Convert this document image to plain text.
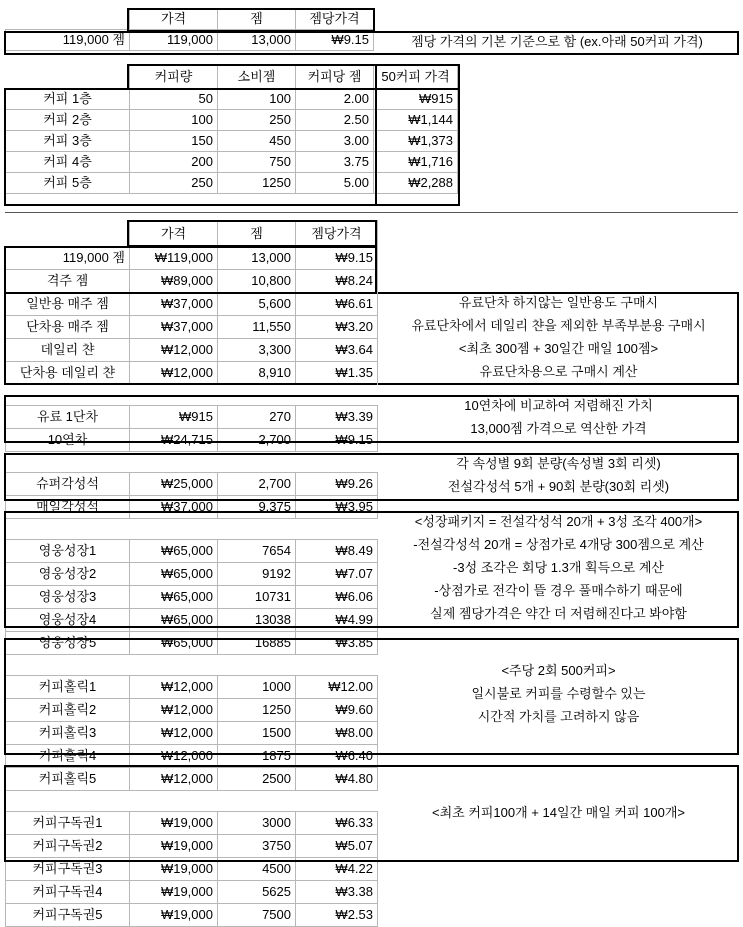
	가격	젬	젬당가격
119,000 젬	119,000	13,000	₩9.15	젬당 가격의 기본 기준으로 함 (ex.아래 50커피 가격)
	커피량	소비젬	커피당 젬	50커피 가격
커피 1층	50	100	2.00	₩915
커피 2층	100	250	2.50	₩1,144
커피 3층	150	450	3.00	₩1,373
커피 4층	200	750	3.75	₩1,716
커피 5층	250	1250	5.00	₩2,288
	가격	젬	젬당가격
119,000 젬	₩119,000	13,000	₩9.15
격주 젬	₩89,000	10,800	₩8.24
일반용 매주 젬	₩37,000	5,600	₩6.61
단차용 매주 젬	₩37,000	11,550	₩3.20
데일리 챤	₩12,000	3,300	₩3.64
단차용 데일리 챤	₩12,000	8,910	₩1.35

유료 1단차	₩915	270	₩3.39
10연차	₩24,715	2,700	₩9.15

슈퍼각성석	₩25,000	2,700	₩9.26
매일각성석	₩37,000	9,375	₩3.95

영웅성장1	₩65,000	7654	₩8.49
영웅성장2	₩65,000	9192	₩7.07
영웅성장3	₩65,000	10731	₩6.06
영웅성장4	₩65,000	13038	₩4.99
영웅성장5	₩65,000	16885	₩3.85

커피홀릭1	₩12,000	1000	₩12.00
커피홀릭2	₩12,000	1250	₩9.60
커피홀릭3	₩12,000	1500	₩8.00
커피홀릭4	₩12,000	1875	₩6.40
커피홀릭5	₩12,000	2500	₩4.80

커피구독권1	₩19,000	3000	₩6.33
커피구독권2	₩19,000	3750	₩5.07
커피구독권3	₩19,000	4500	₩4.22
커피구독권4	₩19,000	5625	₩3.38
커피구독권5	₩19,000	7500	₩2.53
유료단차 하지않는 일반용도 구매시
유료단차에서 데일리 챤을 제외한 부족부분용 구매시
<최초 300젬 + 30일간 매일 100젬>
유료단차용으로 구매시 계산
10연차에 비교하여 저렴해진 가치
13,000젬 가격으로 역산한 가격
각 속성별 9회 분량(속성별 3회 리셋)
전설각성석 5개 + 90회 분량(30회 리셋)
<성장패키지 = 전설각성석 20개 + 3성 조각 400개>
-전설각성석 20개 = 상점가로 4개당 300젬으로 계산
-3성 조각은 회당 1.3개 획득으로 계산
-상점가로 전각이 뜰 경우 풀매수하기 때문에
실제 젬당가격은 약간 더 저렴해진다고 봐야함
<주당 2회 500커피>
일시불로 커피를 수령할수 있는
시간적 가치를 고려하지 않음
<최초 커피100개 + 14일간 매일 커피 100개>
